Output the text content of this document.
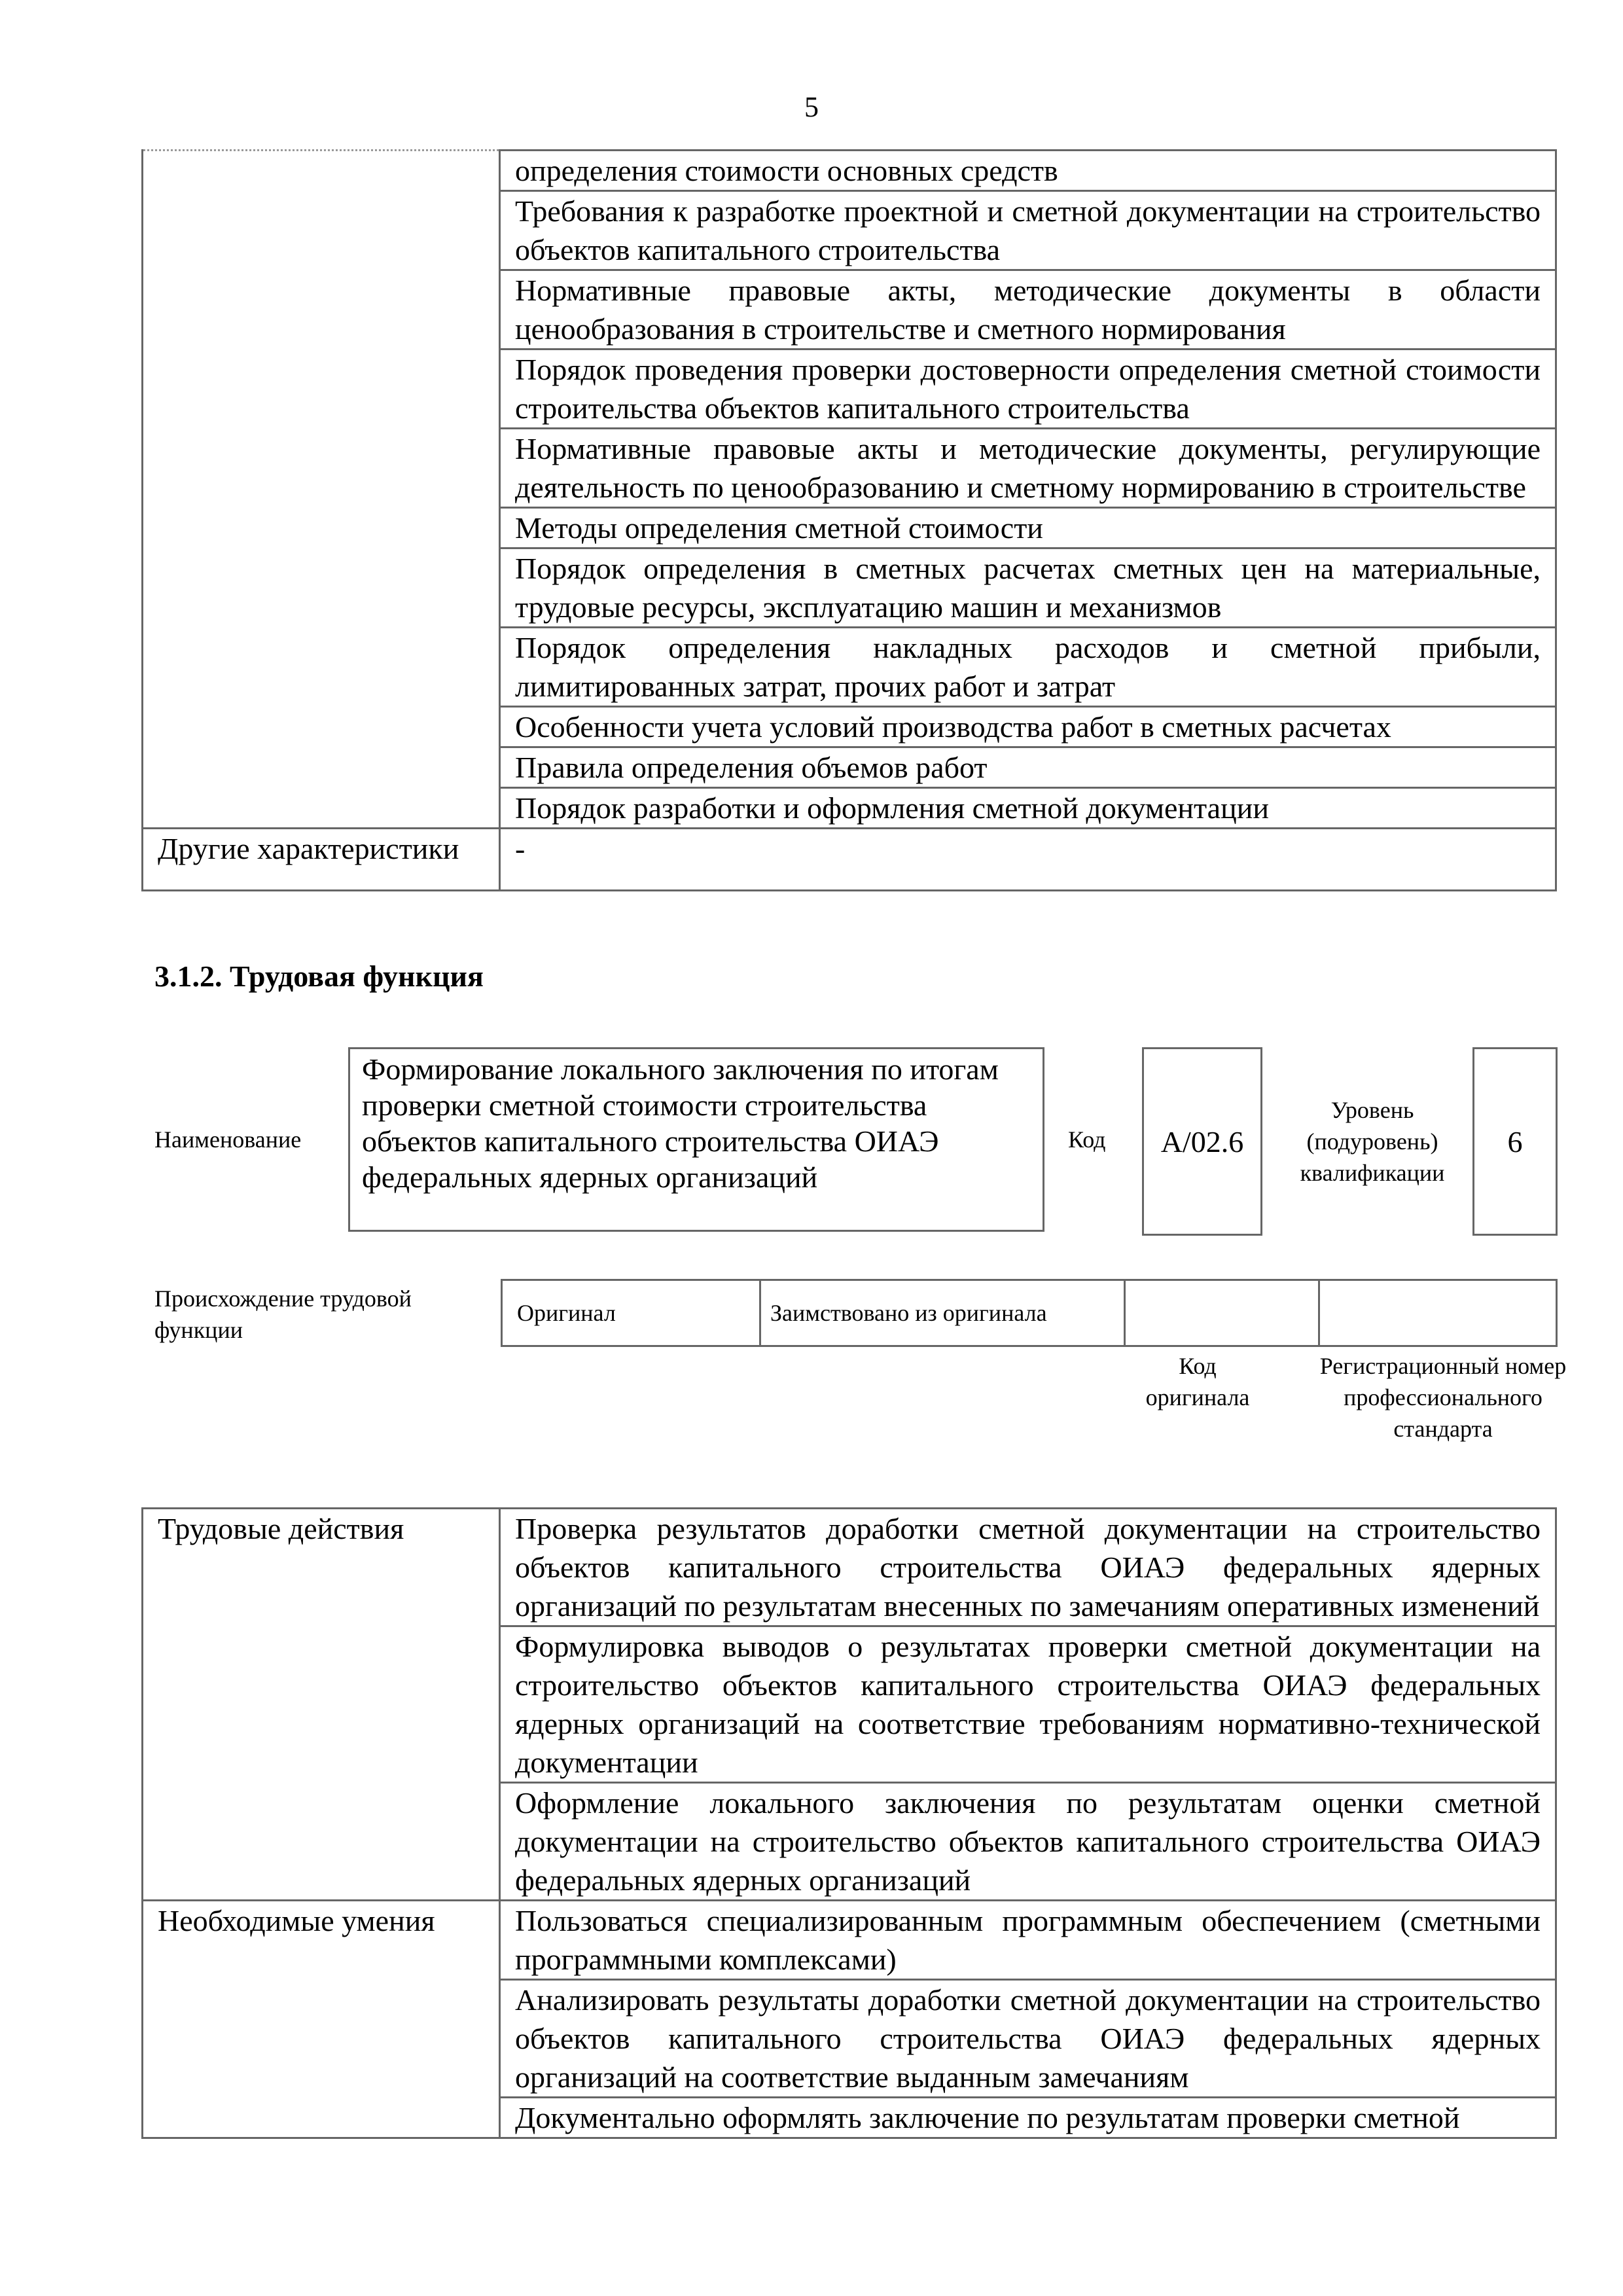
5
	определения стоимости основных средств
	Требования к разработке проектной и сметной документации на строительство объектов капитального строительства
	Нормативные правовые акты, методические документы в области ценообразования в строительстве и сметного нормирования
	Порядок проведения проверки достоверности определения сметной стоимости строительства объектов капитального строительства
	Нормативные правовые акты и методические документы, регулирующие деятельность по ценообразованию и сметному нормированию в строительстве
	Методы определения сметной стоимости
	Порядок определения в сметных расчетах сметных цен на материальные, трудовые ресурсы, эксплуатацию машин и механизмов
	Порядок определения накладных расходов и сметной прибыли, лимитированных затрат, прочих работ и затрат
	Особенности учета условий производства работ в сметных расчетах
	Правила определения объемов работ
	Порядок разработки и оформления сметной документации
Другие характеристики	-
3.1.2. Трудовая функция
Наименование
Формирование локального заключения по итогам проверки сметной стоимости строительства объектов капитального строительства ОИАЭ федеральных ядерных организаций
Код А/02.6
Уровень (подуровень) квалификации
6
Происхождение трудовой функции
Оригинал	Заимствовано из оригинала
Код оригинала
Регистрационный номер профессионального стандарта
Трудовые действия	Проверка результатов доработки сметной документации на строительство объектов капитального строительства ОИАЭ федеральных ядерных организаций по результатам внесенных по замечаниям оперативных изменений
	Формулировка выводов о результатах проверки сметной документации на строительство объектов капитального строительства ОИАЭ федеральных ядерных организаций на соответствие требованиям нормативно-технической документации
	Оформление локального заключения по результатам оценки сметной документации на строительство объектов капитального строительства ОИАЭ федеральных ядерных организаций
Необходимые умения	Пользоваться специализированным программным обеспечением (сметными программными комплексами)
	Анализировать результаты доработки сметной документации на строительство объектов капитального строительства ОИАЭ федеральных ядерных организаций на соответствие выданным замечаниям
	Документально оформлять заключение по результатам проверки сметной
